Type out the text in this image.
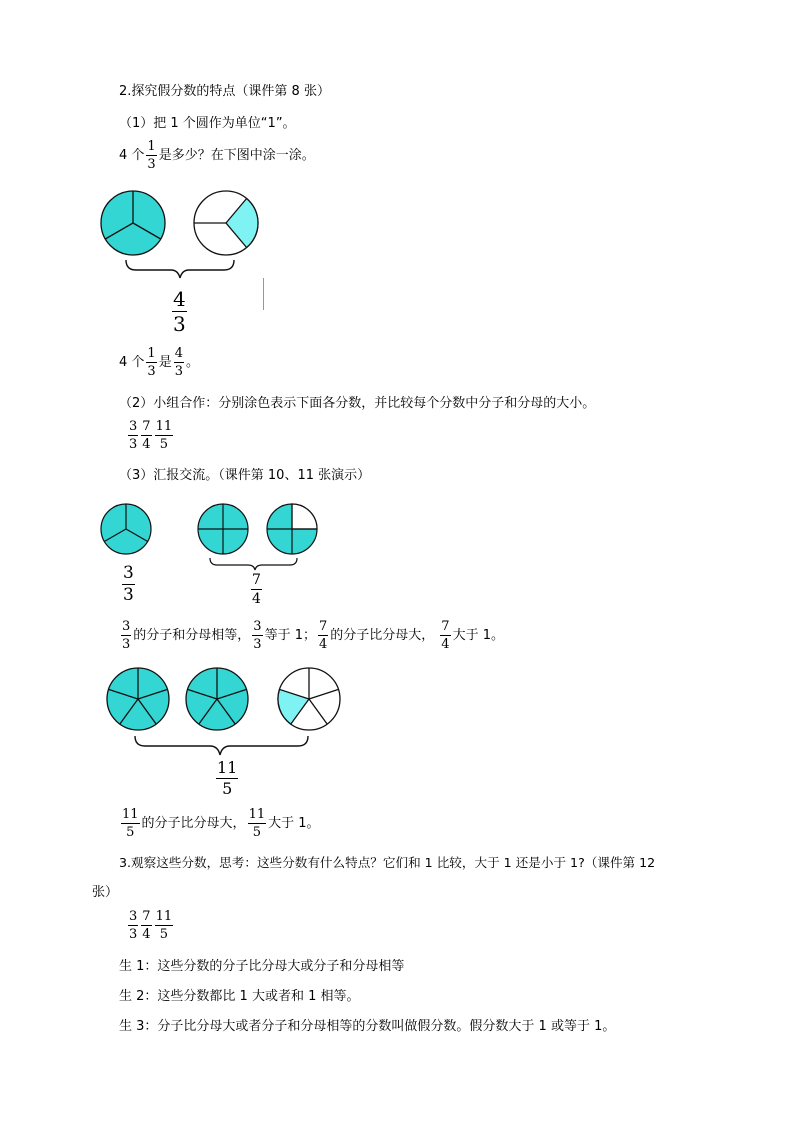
2.探究假分数的特点（课件第 8 张）
（1）把 1 个圆作为单位“1”。
4 个 $\frac{1}{3}$ 是多少？在下图中涂一涂。
$\frac{4}{3}$
4 个 $\frac{1}{3}$ 是 $\frac{4}{3}$ 。
（2）小组合作：分别涂色表示下面各分数，并比较每个分数中分子和分母的大小。
$\frac{3}{3} \frac{7}{4} \frac{11}{5}$
（3）汇报交流。（课件第 10、11 张演示）
$\frac{3}{3}$	$\frac{7}{4}$
$\frac{3}{3}$ 的分子和分母相等， $\frac{3}{3}$ 等于 1； $\frac{7}{4}$ 的分子比分母大， $\frac{7}{4}$ 大于 1。
$\frac{11}{5}$
$\frac{11}{5}$ 的分子比分母大， $\frac{11}{5}$ 大于 1。
3.观察这些分数，思考：这些分数有什么特点？它们和 1 比较，大于 1 还是小于 1?（课件第 12
张）
$\frac{3}{3} \frac{7}{4} \frac{11}{5}$
生 1：这些分数的分子比分母大或分子和分母相等
生 2：这些分数都比 1 大或者和 1 相等。
生 3：分子比分母大或者分子和分母相等的分数叫做假分数。假分数大于 1 或等于 1。
